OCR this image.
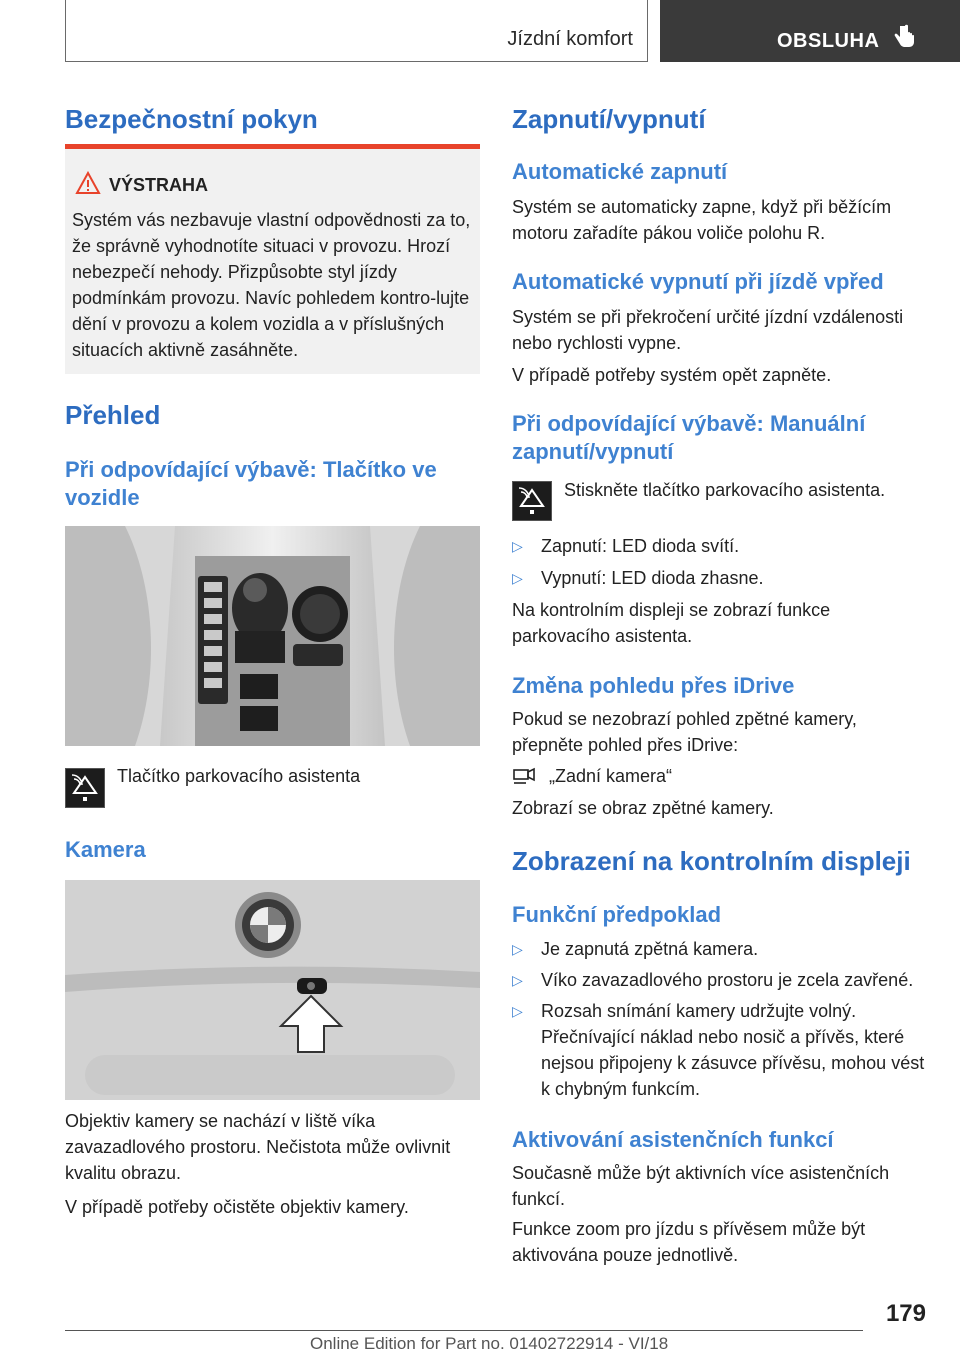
Jízdní komfort	OBSLUHA
Bezpečnostní pokyn
VÝSTRAHA
Systém vás nezbavuje vlastní odpovědnosti za to, že správně vyhodnotíte situaci v provozu. Hrozí nebezpečí nehody. Přizpůsobte styl jízdy podmínkám provozu. Navíc pohledem kontro-lujte dění v provozu a kolem vozidla a v příslušných situacích aktivně zasáhněte.
Přehled
Při odpovídající výbavě: Tlačítko ve vozidle

Tlačítko parkovacího asistenta

Kamera

Objektiv kamery se nachází v liště víka zavazadlového prostoru. Nečistota může ovlivnit kvalitu obrazu.

V případě potřeby očistěte objektiv kamery.

Zapnutí/vypnutí
Automatické zapnutí

Systém se automaticky zapne, když při běžícím motoru zařadíte pákou voliče polohu R.

Automatické vypnutí při jízdě vpřed

Systém se při překročení určité jízdní vzdálenosti nebo rychlosti vypne.

V případě potřeby systém opět zapněte.

Při odpovídající výbavě: Manuální zapnutí/vypnutí

Stiskněte tlačítko parkovacího asistenta.

▷ Zapnutí: LED dioda svítí.
▷ Vypnutí: LED dioda zhasne.

Na kontrolním displeji se zobrazí funkce parkovacího asistenta.

Změna pohledu přes iDrive

Pokud se nezobrazí pohled zpětné kamery, přepněte pohled přes iDrive:

„Zadní kamera“

Zobrazí se obraz zpětné kamery.

Zobrazení na kontrolním displeji
Funkční předpoklad
▷ Je zapnutá zpětná kamera.
▷ Víko zavazadlového prostoru je zcela zavřené.
▷ Rozsah snímání kamery udržujte volný. Přečnívající náklad nebo nosič a přívěs, které nejsou připojeny k zásuvce přívěsu, mohou vést k chybným funkcím.
Aktivování asistenčních funkcí

Současně může být aktivních více asistenčních funkcí.

Funkce zoom pro jízdu s přívěsem může být aktivována pouze jednotlivě.

179
Online Edition for Part no. 01402722914 - VI/18
